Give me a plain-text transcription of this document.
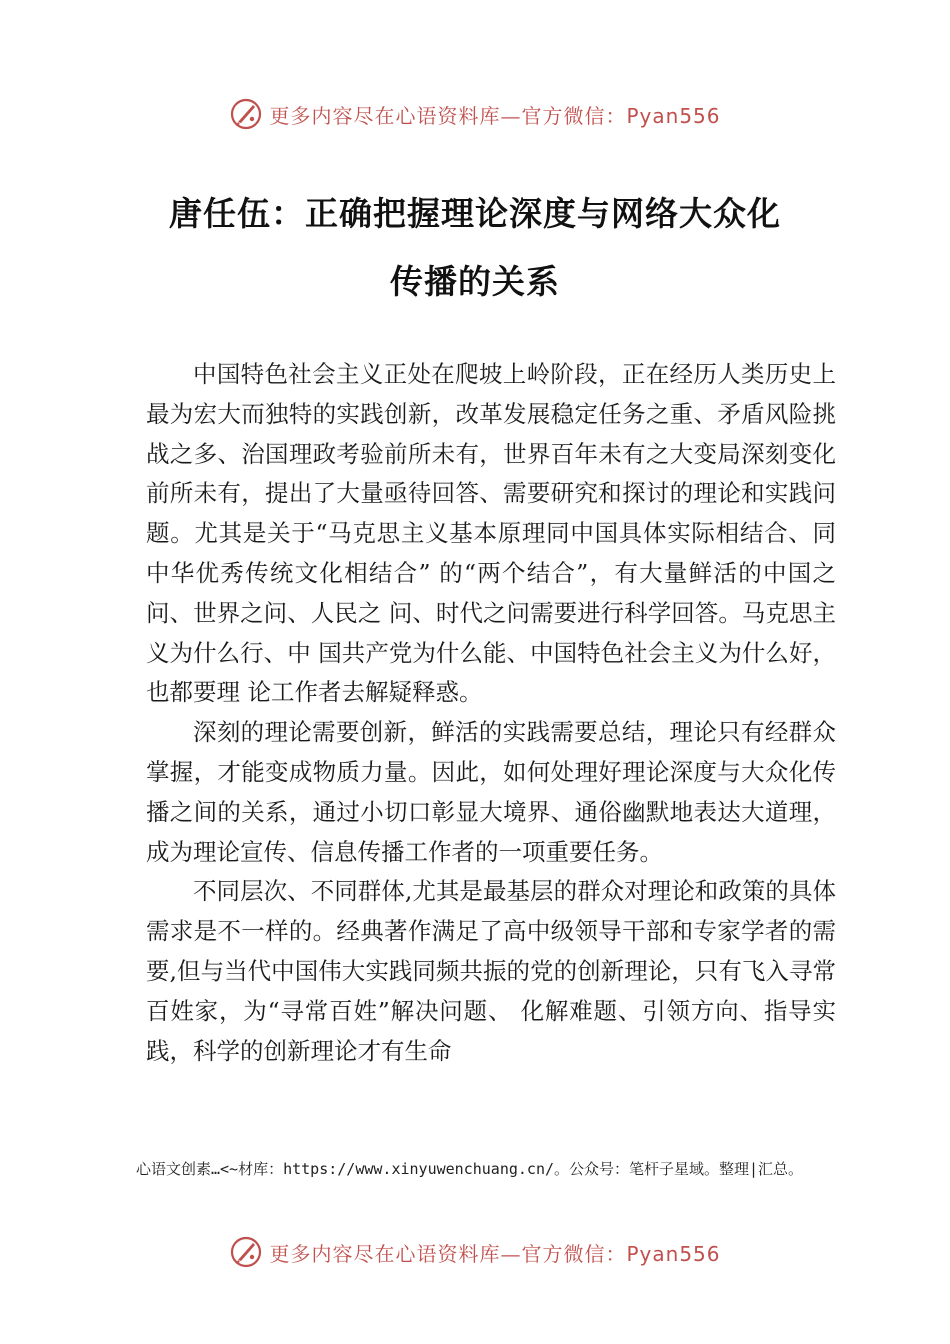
更多内容尽在心语资料库—官方微信：Pyan556
唐任伍：正确把握理论深度与网络大众化
传播的关系

中国特色社会主义正处在爬坡上岭阶段，正在经历人类历史上最为宏大而独特的实践创新，改革发展稳定任务之重、矛盾风险挑战之多、治国理政考验前所未有，世界百年未有之大变局深刻变化前所未有，提出了大量亟待回答、需要研究和探讨的理论和实践问题。尤其是关于“马克思主义基本原理同中国具体实际相结合、同中华优秀传统文化相结合” 的“两个结合”，有大量鲜活的中国之问、世界之问、人民之 问、时代之问需要进行科学回答。马克思主义为什么行、中 国共产党为什么能、中国特色社会主义为什么好，也都要理 论工作者去解疑释惑。

深刻的理论需要创新，鲜活的实践需要总结，理论只有经群众掌握，才能变成物质力量。因此，如何处理好理论深度与大众化传播之间的关系，通过小切口彰显大境界、通俗幽默地表达大道理，成为理论宣传、信息传播工作者的一项重要任务。

不同层次、不同群体,尤其是最基层的群众对理论和政策的具体需求是不一样的。经典著作满足了高中级领导干部和专家学者的需要,但与当代中国伟大实践同频共振的党的创新理论，只有飞入寻常百姓家，为“寻常百姓”解决问题、 化解难题、引领方向、指导实践，科学的创新理论才有生命

心语文创素…<~材库：https://www.xinyuwenchuang.cn/。公众号：笔杆子星域。整理|汇总。
更多内容尽在心语资料库—官方微信：Pyan556
